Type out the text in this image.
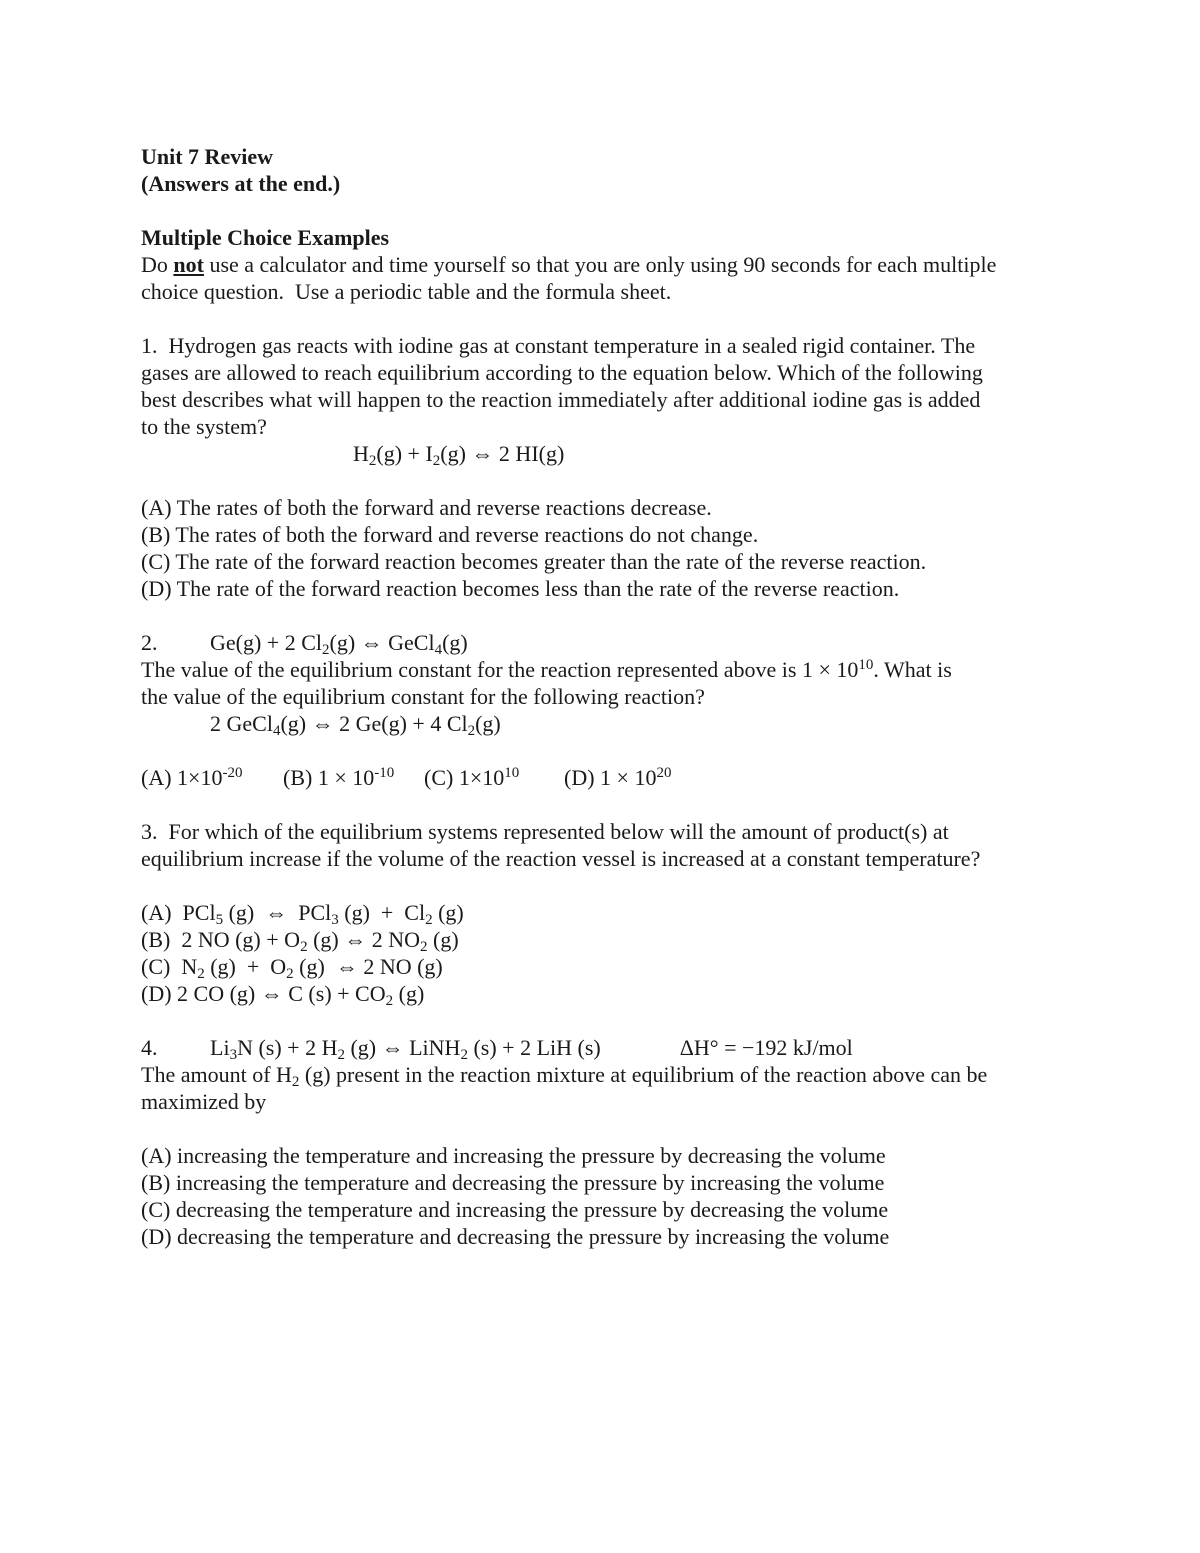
Unit 7 Review
(Answers at the end.)
Multiple Choice Examples
Do not use a calculator and time yourself so that you are only using 90 seconds for each multiple
choice question.  Use a periodic table and the formula sheet.
1.  Hydrogen gas reacts with iodine gas at constant temperature in a sealed rigid container. The
gases are allowed to reach equilibrium according to the equation below. Which of the following
best describes what will happen to the reaction immediately after additional iodine gas is added
to the system?
$H_2(g) + I_2(g)$ ⇔ 2 HI(g)
(A) The rates of both the forward and reverse reactions decrease.
(B) The rates of both the forward and reverse reactions do not change.
(C) The rate of the forward reaction becomes greater than the rate of the reverse reaction.
(D) The rate of the forward reaction becomes less than the rate of the reverse reaction.
2. Ge(g) + 2 $Cl_2(g)$ ⇔ GeCl$_4$(g)
The value of the equilibrium constant for the reaction represented above is $1 \times 10^{10}$. What is
the value of the equilibrium constant for the following reaction?
2 GeCl$_4$(g) ⇔ 2 Ge(g) + 4 $Cl_2(g)$
(A) $1\times 10^{-20}$ (B) $1 \times 10^{-10}$ (C) $1\times 10^{10}$ (D) $1 \times 10^{20}$
3.  For which of the equilibrium systems represented below will the amount of product(s) at
equilibrium increase if the volume of the reaction vessel is increased at a constant temperature?
(A)  PCl$_5$ (g)  ⇔  PCl$_3$ $(g) + Cl_2$ (g)
(B)  2 NO $(g) + O_2$ (g) ⇔ 2 $NO_2$ (g)
(C)  $N_2$ $(g) + O_2$ (g)  ⇔ 2 NO (g)
(D) 2 CO (g) ⇔ C $(s) + CO_2$ (g)
4. $Li_3N$ (s) + 2 $H_2$ (g) ⇔ LiNH$_2$ (s) + 2 LiH (s)	ΔH° = −192 kJ/mol
The amount of $H_2$ (g) present in the reaction mixture at equilibrium of the reaction above can be
maximized by
(A) increasing the temperature and increasing the pressure by decreasing the volume
(B) increasing the temperature and decreasing the pressure by increasing the volume
(C) decreasing the temperature and increasing the pressure by decreasing the volume
(D) decreasing the temperature and decreasing the pressure by increasing the volume
